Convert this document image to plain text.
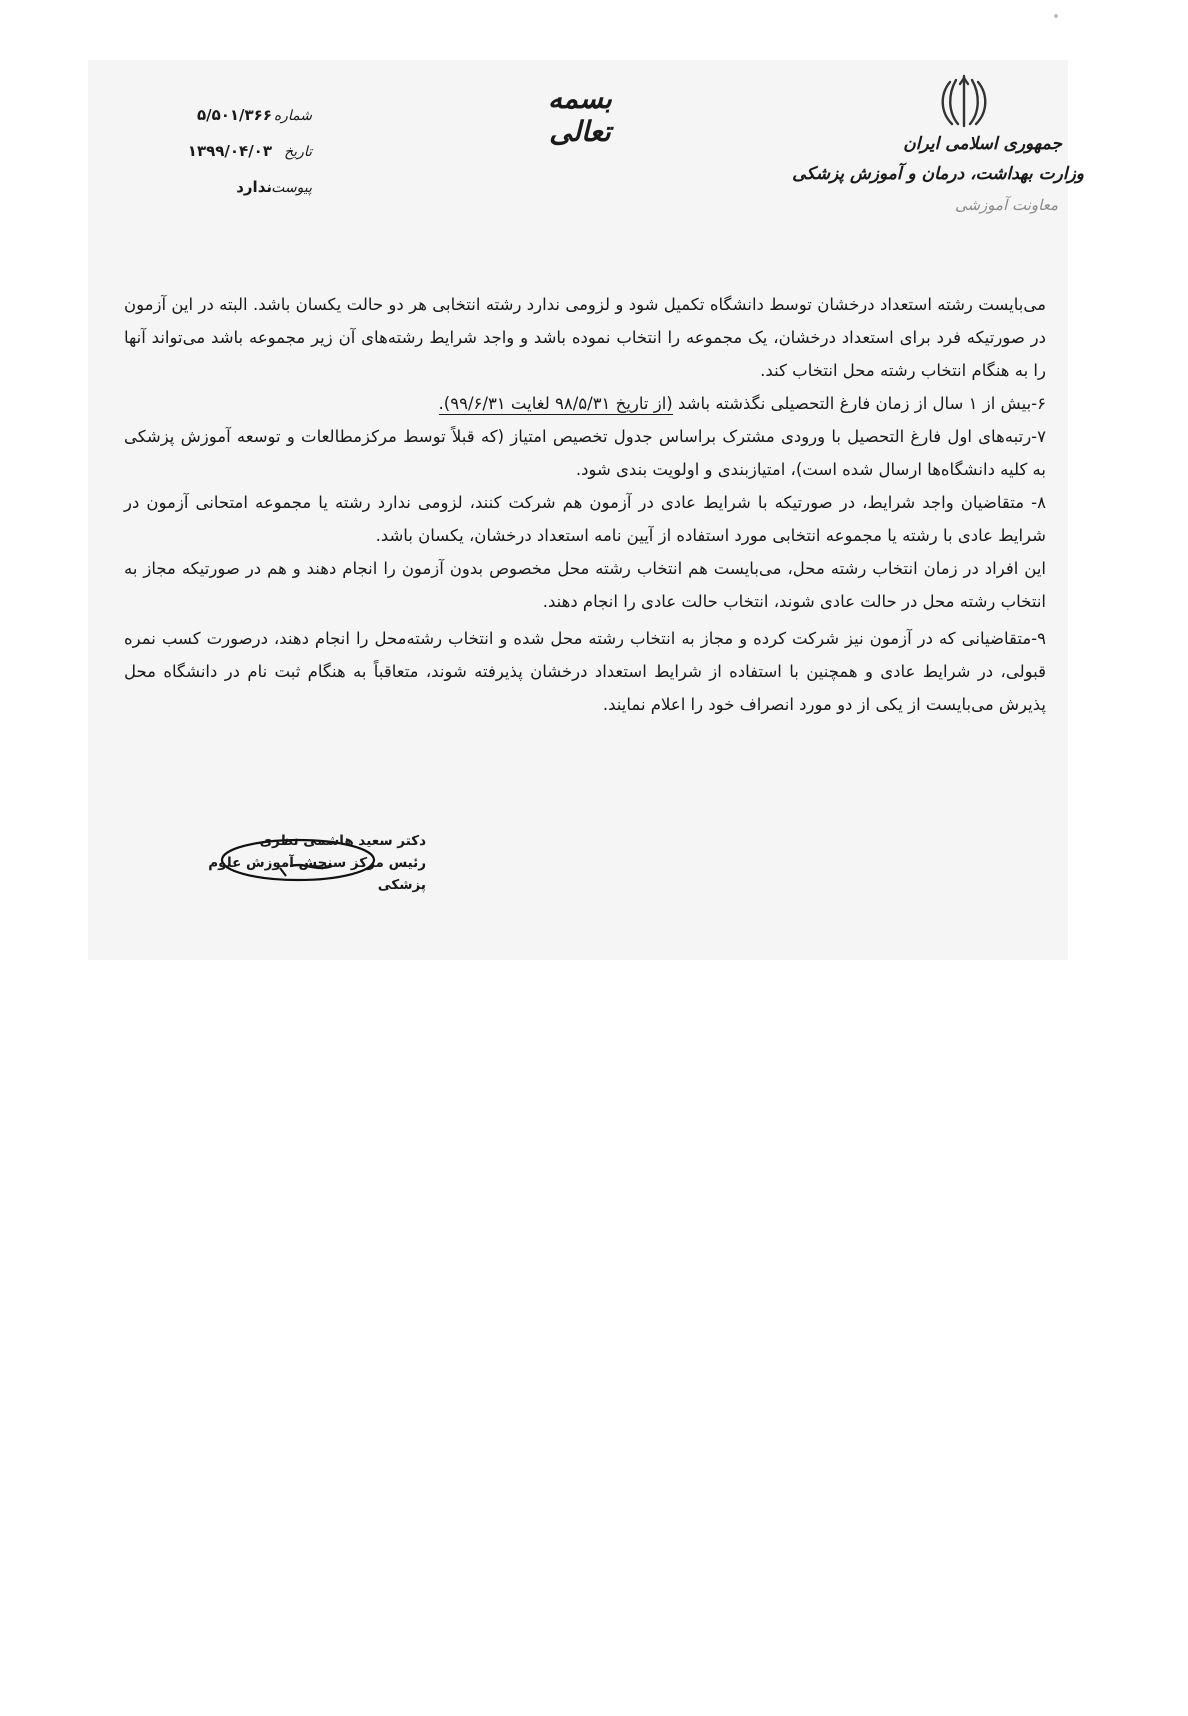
جمهوری اسلامی ایران
وزارت بهداشت، درمان و آموزش پزشکی
معاونت آموزشی
بسمه تعالی
شماره
۵/۵۰۱/۳۶۶
تاریخ
۱۳۹۹/۰۴/۰۳
پیوست
ندارد

می‌بایست رشته استعداد درخشان توسط دانشگاه تکمیل شود و لزومی ندارد رشته انتخابی هر دو حالت یکسان باشد. البته در این آزمون در صورتیکه فرد برای استعداد درخشان، یک مجموعه را انتخاب نموده باشد و واجد شرایط رشته‌های آن زیر مجموعه باشد می‌تواند آنها را به هنگام انتخاب رشته محل انتخاب کند.

۶-بیش از ۱ سال از زمان فارغ التحصیلی نگذشته باشد (از تاریخ ۹۸/۵/۳۱ لغایت ۹۹/۶/۳۱).

۷-رتبه‌های اول فارغ التحصیل با ورودی مشترک براساس جدول تخصیص امتیاز (که قبلاً توسط مرکزمطالعات و توسعه آموزش پزشکی به کلیه دانشگاه‌ها ارسال شده است)، امتیازبندی و اولویت بندی شود.

۸- متقاضیان واجد شرایط، در صورتیکه با شرایط عادی در آزمون هم شرکت کنند، لزومی ندارد رشته یا مجموعه امتحانی آزمون در شرایط عادی با رشته یا مجموعه انتخابی مورد استفاده از آیین نامه استعداد درخشان، یکسان باشد.

این افراد در زمان انتخاب رشته محل، می‌بایست هم انتخاب رشته محل مخصوص بدون آزمون را انجام دهند و هم در صورتیکه مجاز به انتخاب رشته محل در حالت عادی شوند، انتخاب حالت عادی را انجام دهند.

۹-متقاضیانی که در آزمون نیز شرکت کرده و مجاز به انتخاب رشته محل شده و انتخاب رشته‌محل را انجام دهند، درصورت کسب نمره قبولی، در شرایط عادی و همچنین با استفاده از شرایط استعداد درخشان پذیرفته شوند، متعاقباً به هنگام ثبت نام در دانشگاه محل پذیرش می‌بایست از یکی از دو مورد انصراف خود را اعلام نمایند.

دکتر سعید هاشمی نظری
رئیس مرکز سنجش آموزش علوم پزشکی
